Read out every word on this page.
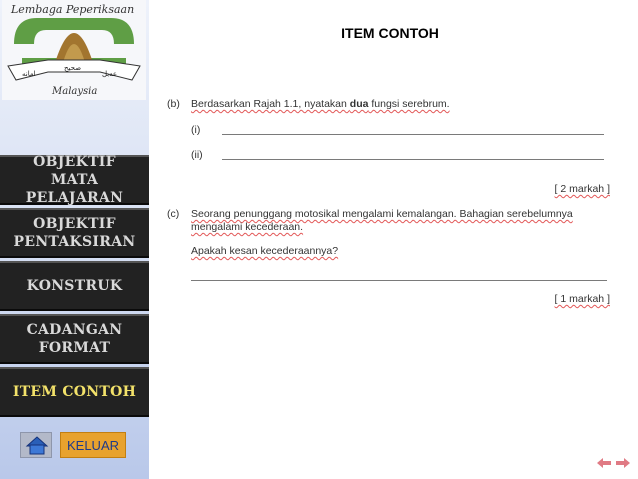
Lembaga Peperiksaan
امانه
صحيح
عدبل
Malaysia
OBJEKTIF
MATA PELAJARAN
OBJEKTIF
PENTAKSIRAN
KONSTRUK
CADANGAN
FORMAT
ITEM CONTOH
KELUAR
ITEM CONTOH
(b) Berdasarkan Rajah 1.1, nyatakan dua fungsi serebrum.
(i)
(ii)
[ 2 markah ]
(c) Seorang penunggang motosikal mengalami kemalangan. Bahagian serebelumnya
mengalami kecederaan.
Apakah kesan kecederaannya?
[ 1 markah ]
